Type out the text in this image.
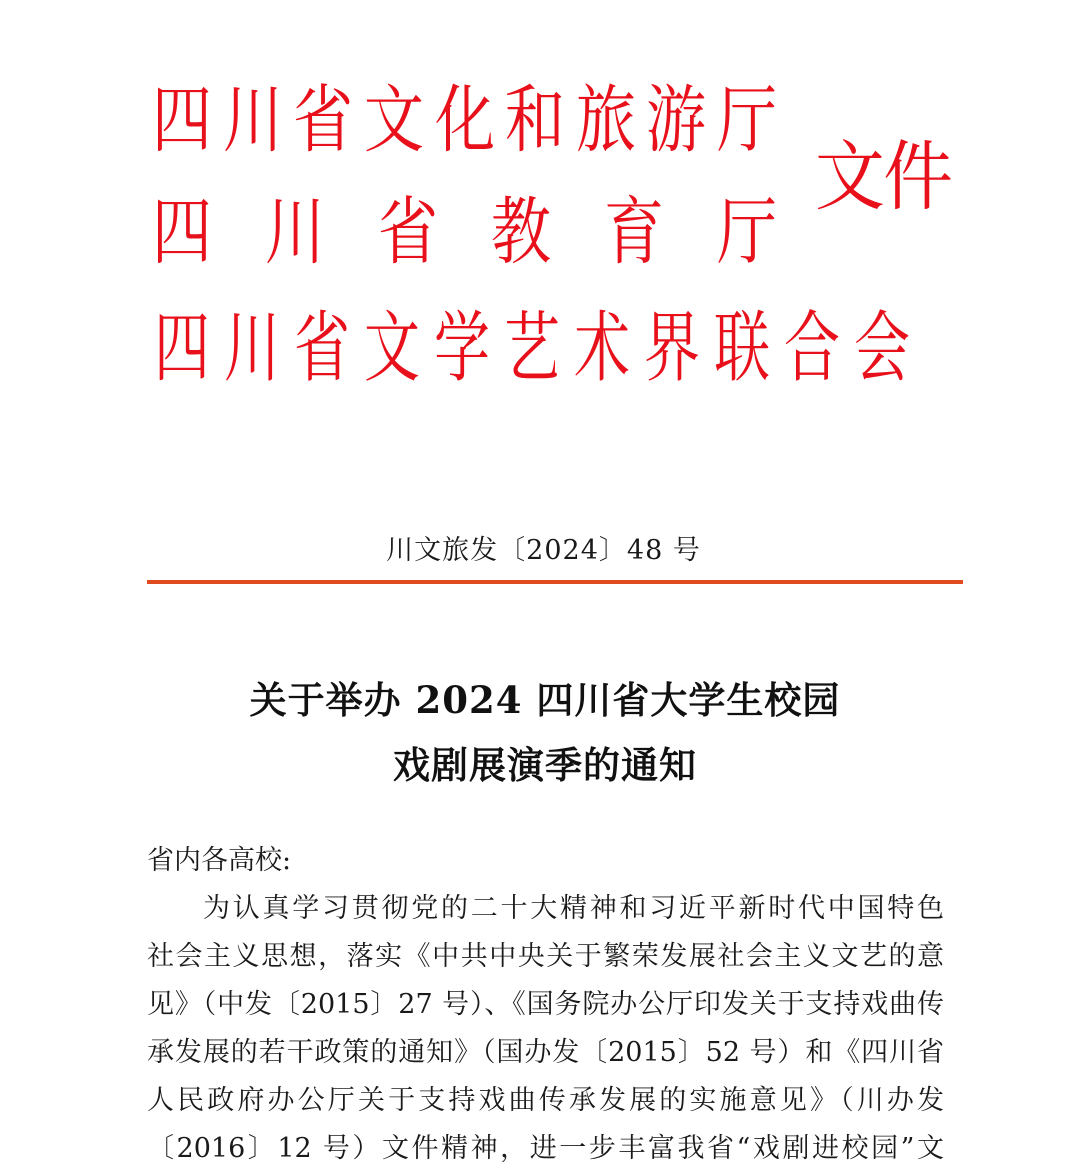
四 川 省 文 化 和 旅 游 厅
四 川 省 教 育 厅
四 川 省 文 学 艺 术 界 联 合 会
文件
川文旅发〔2024〕48 号
关于举办 2024 四川省大学生校园
戏剧展演季的通知
省内各高校:
为认真学习贯彻党的二十大精神和习近平新时代中国特色
社会主义思想，落实《中共中央关于繁荣发展社会主义文艺的意
见》（中发〔2015〕27 号）、《国务院办公厅印发关于支持戏曲传
承发展的若干政策的通知》（国办发〔2015〕52 号）和《四川省
人民政府办公厅关于支持戏曲传承发展的实施意见》（川办发
〔2016〕12 号）文件精神，进一步丰富我省“戏剧进校园”文
